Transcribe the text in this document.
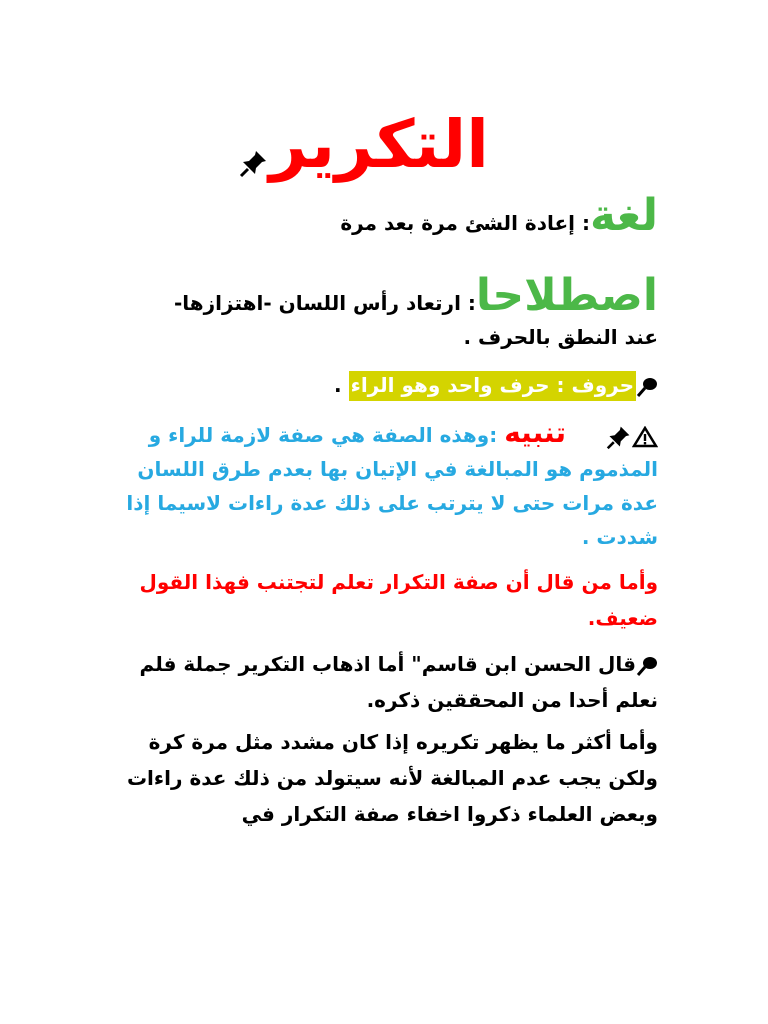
التكرير
لغة: إعادة الشئ مرة بعد مرة
اصطلاحا: ارتعاد رأس اللسان -اهتزازها-
عند النطق بالحرف .
حروف : حرف واحد وهو الراء .
تنبيه :وهذه الصفة هي صفة لازمة للراء و المذموم هو المبالغة في الإتيان بها بعدم طرق اللسان عدة مرات حتى لا يترتب على ذلك عدة راءات لاسيما إذا شددت .
وأما من قال أن صفة التكرار تعلم لتجتنب فهذا القول ضعيف.
قال الحسن ابن قاسم" أما اذهاب التكرير جملة فلم نعلم أحدا من المحققين ذكره.
وأما أكثر ما يظهر تكريره إذا كان مشدد مثل مرة كرة ولكن يجب عدم المبالغة لأنه سيتولد من ذلك عدة راءات وبعض العلماء ذكروا اخفاء صفة التكرار في
